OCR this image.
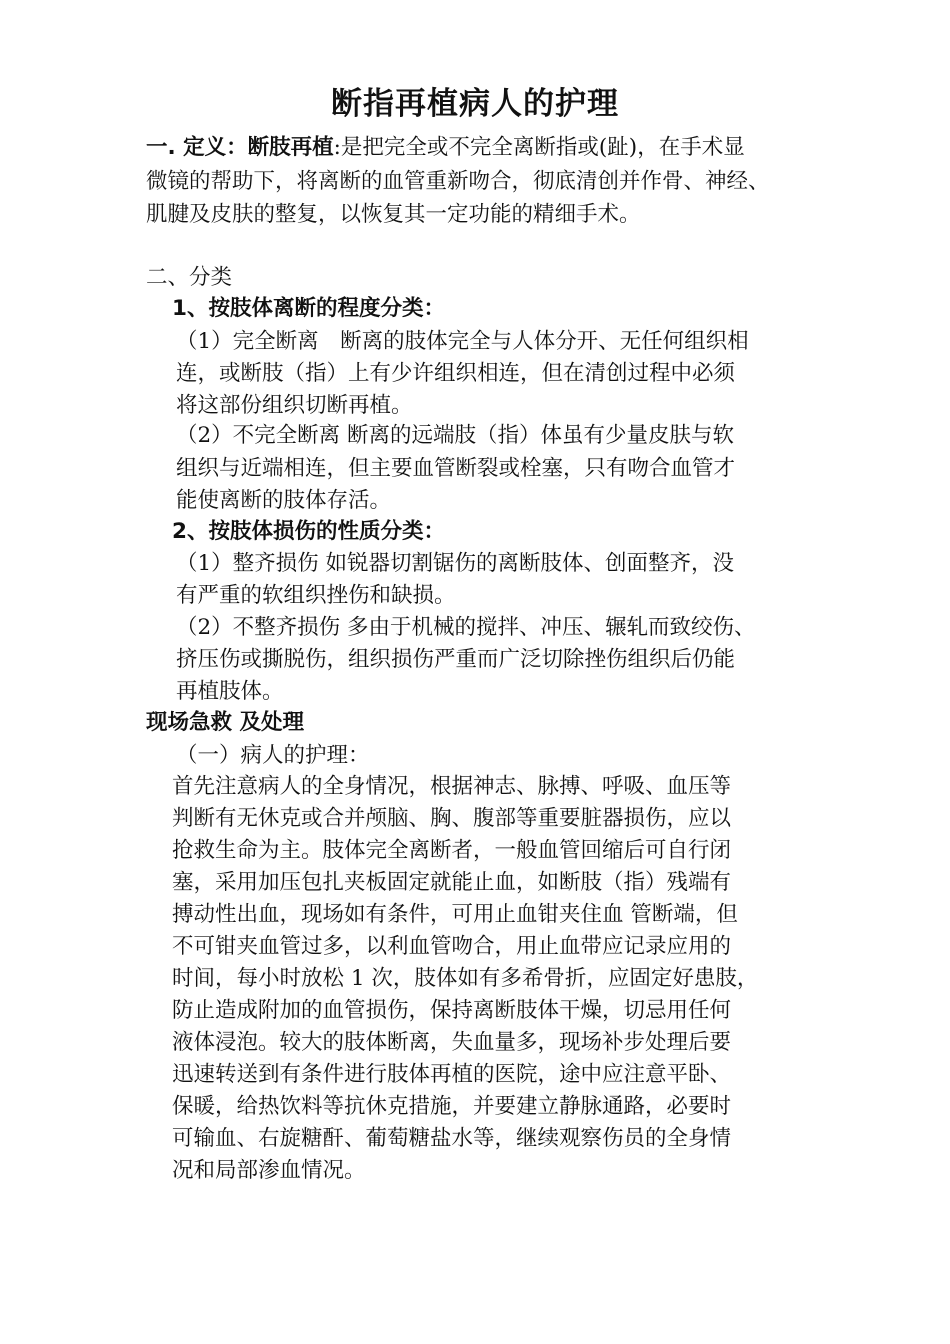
断指再植病人的护理
一. 定义：断肢再植:是把完全或不完全离断指或(趾)，在手术显
微镜的帮助下，将离断的血管重新吻合，彻底清创并作骨、神经、
肌腱及皮肤的整复，以恢复其一定功能的精细手术。
二、分类
1、按肢体离断的程度分类：
（1）完全断离　断离的肢体完全与人体分开、无任何组织相
连，或断肢（指）上有少许组织相连，但在清创过程中必须
将这部份组织切断再植。
（2）不完全断离 断离的远端肢（指）体虽有少量皮肤与软
组织与近端相连，但主要血管断裂或栓塞，只有吻合血管才
能使离断的肢体存活。
2、按肢体损伤的性质分类：
（1）整齐损伤 如锐器切割锯伤的离断肢体、创面整齐，没
有严重的软组织挫伤和缺损。
（2）不整齐损伤 多由于机械的搅拌、冲压、辗轧而致绞伤、
挤压伤或撕脱伤，组织损伤严重而广泛切除挫伤组织后仍能
再植肢体。
现场急救 及处理
（一）病人的护理：
首先注意病人的全身情况，根据神志、脉搏、呼吸、血压等
判断有无休克或合并颅脑、胸、腹部等重要脏器损伤，应以
抢救生命为主。肢体完全离断者，一般血管回缩后可自行闭
塞，采用加压包扎夹板固定就能止血，如断肢（指）残端有
搏动性出血，现场如有条件，可用止血钳夹住血 管断端，但
不可钳夹血管过多，以利血管吻合，用止血带应记录应用的
时间，每小时放松 1 次，肢体如有多希骨折，应固定好患肢，
防止造成附加的血管损伤，保持离断肢体干燥，切忌用任何
液体浸泡。较大的肢体断离，失血量多，现场补步处理后要
迅速转送到有条件进行肢体再植的医院，途中应注意平卧、
保暖，给热饮料等抗休克措施，并要建立静脉通路，必要时
可输血、右旋糖酐、葡萄糖盐水等，继续观察伤员的全身情
况和局部渗血情况。
